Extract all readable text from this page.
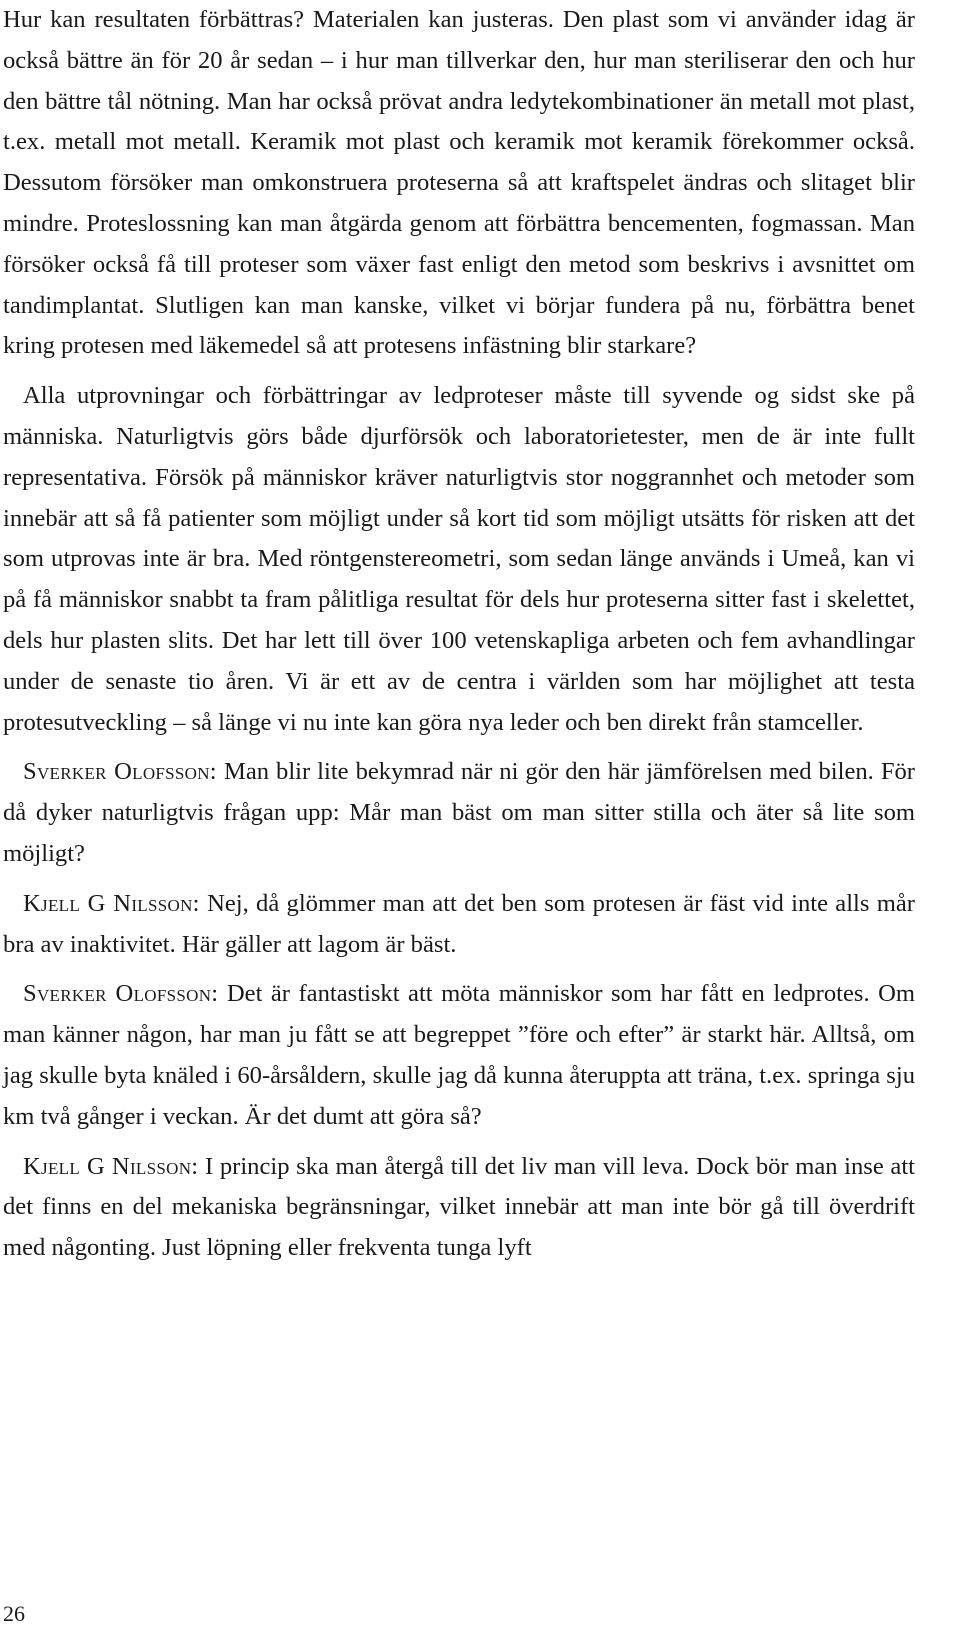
Hur kan resultaten förbättras? Materialen kan justeras. Den plast som vi använder idag är också bättre än för 20 år sedan – i hur man tillverkar den, hur man steriliserar den och hur den bättre tål nötning. Man har också prövat andra ledytekombinationer än metall mot plast, t.ex. metall mot metall. Keramik mot plast och keramik mot keramik förekommer också. Dessutom försöker man omkonstruera proteserna så att kraftspelet ändras och slitaget blir mindre. Proteslossning kan man åtgärda genom att förbättra bencementen, fogmassan. Man försöker också få till proteser som växer fast enligt den metod som beskrivs i avsnittet om tandimplantat. Slutligen kan man kanske, vilket vi börjar fundera på nu, förbättra benet kring protesen med läkemedel så att protesens infästning blir starkare?

Alla utprovningar och förbättringar av ledproteser måste till syvende og sidst ske på människa. Naturligtvis görs både djurförsök och laboratorietester, men de är inte fullt representativa. Försök på människor kräver naturligtvis stor noggrannhet och metoder som innebär att så få patienter som möjligt under så kort tid som möjligt utsätts för risken att det som utprovas inte är bra. Med röntgenstereometri, som sedan länge används i Umeå, kan vi på få människor snabbt ta fram pålitliga resultat för dels hur proteserna sitter fast i skelettet, dels hur plasten slits. Det har lett till över 100 vetenskapliga arbeten och fem avhandlingar under de senaste tio åren. Vi är ett av de centra i världen som har möjlighet att testa protesutveckling – så länge vi nu inte kan göra nya leder och ben direkt från stamceller.

Sverker Olofsson: Man blir lite bekymrad när ni gör den här jämförelsen med bilen. För då dyker naturligtvis frågan upp: Mår man bäst om man sitter stilla och äter så lite som möjligt?

Kjell G Nilsson: Nej, då glömmer man att det ben som protesen är fäst vid inte alls mår bra av inaktivitet. Här gäller att lagom är bäst.

Sverker Olofsson: Det är fantastiskt att möta människor som har fått en ledprotes. Om man känner någon, har man ju fått se att begreppet ”före och efter” är starkt här. Alltså, om jag skulle byta knäled i 60-årsåldern, skulle jag då kunna återuppta att träna, t.ex. springa sju km två gånger i veckan. Är det dumt att göra så?

Kjell G Nilsson: I princip ska man återgå till det liv man vill leva. Dock bör man inse att det finns en del mekaniska begränsningar, vilket innebär att man inte bör gå till överdrift med någonting. Just löpning eller frekventa tunga lyft

26
